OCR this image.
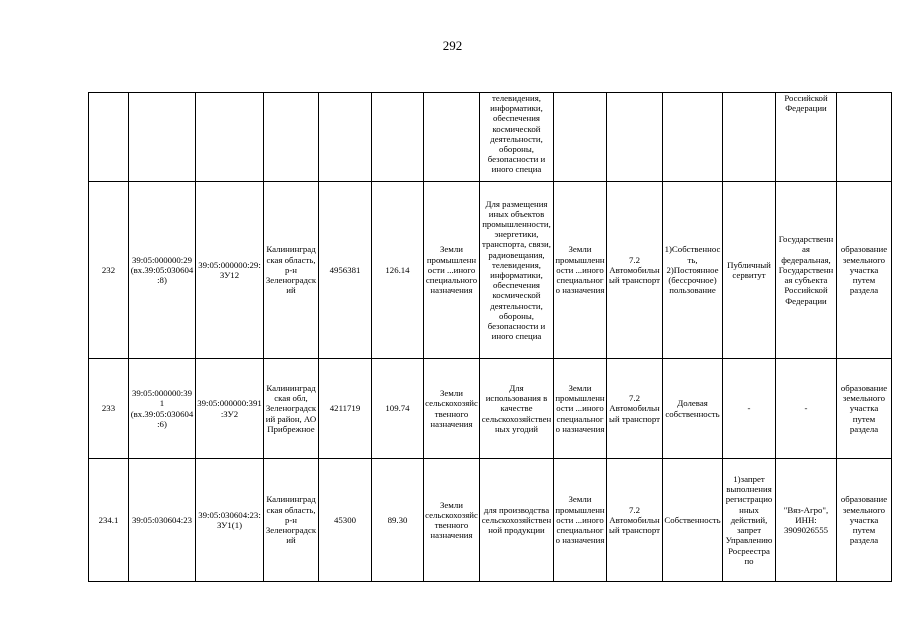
292
							телевидения, информатики, обеспечения космической деятельности, обороны, безопасности и иного специа					Российской Федерации	
232	39:05:000000:29 (вх.39:05:030604:8)	39:05:000000:29:ЗУ12	Калининградская область, р-н Зеленоградский	4956381	126.14	Земли промышленности ...иного специального назначения	Для размещения иных объектов промышленности, энергетики, транспорта, связи, радиовещания, телевидения, информатики, обеспечения космической деятельности, обороны, безопасности и иного специа	Земли промышленности ...иного специального назначения	7.2 Автомобильный транспорт	1)Собственность, 2)Постоянное (бессрочное) пользование	Публичный сервитут	Государственная федеральная, Государственная субъекта Российской Федерации	образование земельного участка путем раздела
233	39:05:000000:391 (вх.39:05:030604:6)	39:05:000000:391:ЗУ2	Калининградская обл, Зеленоградский район, АО Прибрежное	4211719	109.74	Земли сельскохозяйственного назначения	Для использования в качестве сельскохозяйственных угодий	Земли промышленности ...иного специального назначения	7.2 Автомобильный транспорт	Долевая собственность	-	-	образование земельного участка путем раздела
234.1	39:05:030604:23	39:05:030604:23:ЗУ1(1)	Калининградская область, р-н Зеленоградский	45300	89.30	Земли сельскохозяйственного назначения	для производства сельскохозяйственной продукции	Земли промышленности ...иного специального назначения	7.2 Автомобильный транспорт	Собственность	1)запрет выполнения регистрационных действий, запрет Управлению Росреестра по	"Вяз-Агро", ИНН: 3909026555	образование земельного участка путем раздела
